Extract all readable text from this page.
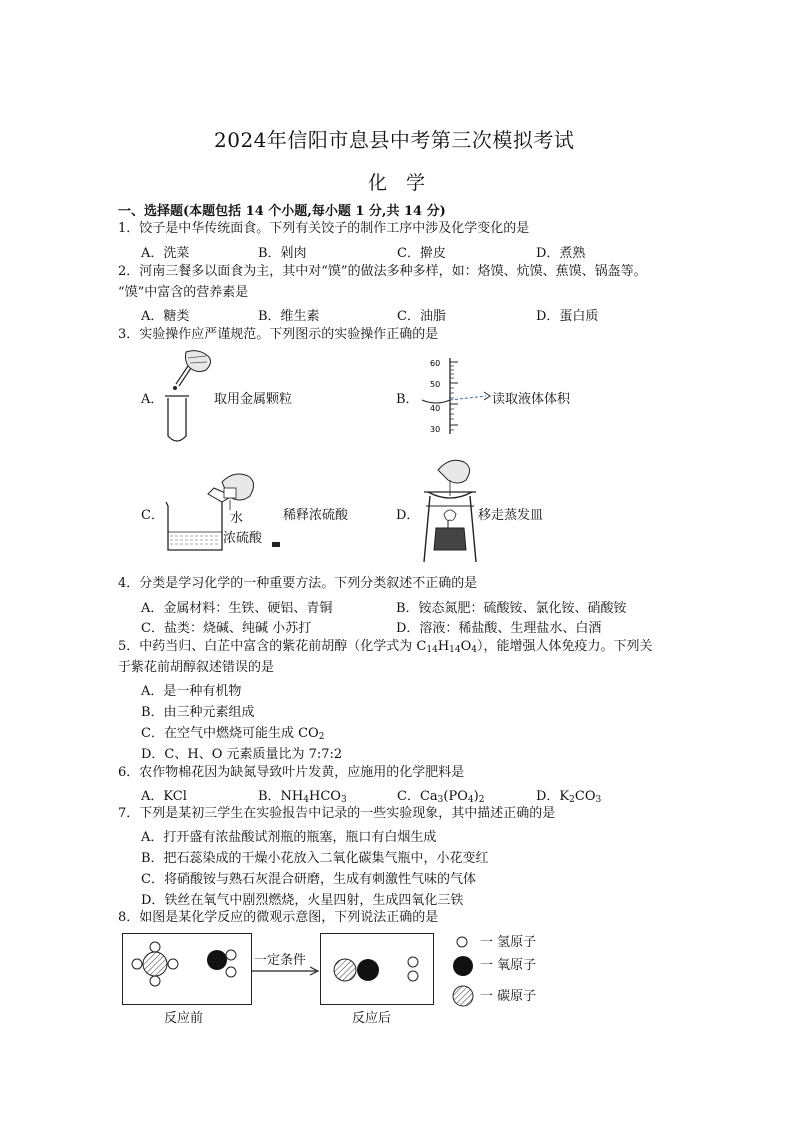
2024年信阳市息县中考第三次模拟考试
化　学
一、选择题(本题包括 14 个小题,每小题 1 分,共 14 分)
1．饺子是中华传统面食。下列有关饺子的制作工序中涉及化学变化的是
A．洗菜	B．剁肉	C．擀皮	D．煮熟
2．河南三餐多以面食为主，其中对“馍”的做法多种多样，如：烙馍、炕馍、蕉馍、锅盔等。
“馍”中富含的营养素是
A．糖类	B．维生素	C．油脂	D．蛋白质
3．实验操作应严谨规范。下列图示的实验操作正确的是
A．	取用金属颗粒	B．
60
50
40
30
读取液体体积
C．	水
浓硫酸
稀释浓硫酸	D．	移走蒸发皿
4．分类是学习化学的一种重要方法。下列分类叙述不正确的是
A．金属材料：生铁、硬铝、青铜	B．铵态氮肥：硫酸铵、氯化铵、硝酸铵
C．盐类：烧碱、纯碱 小苏打	D．溶液：稀盐酸、生理盐水、白酒
5．中药当归、白芷中富含的紫花前胡醇（化学式为 $C_{14}H_{14}O_4$），能增强人体免疫力。下列关
于紫花前胡醇叙述错误的是
A．是一种有机物
B．由三种元素组成
C．在空气中燃烧可能生成 $CO_2$
D．C、H、O 元素质量比为 7:7:2
6．农作物棉花因为缺氮导致叶片发黄，应施用的化学肥料是
A．KCl	B．$NH_4HCO_3$	C．$Ca_3(PO_4)_2$	D．$K_2CO_3$
7．下列是某初三学生在实验报告中记录的一些实验现象，其中描述正确的是
A．打开盛有浓盐酸试剂瓶的瓶塞，瓶口有白烟生成
B．把石蕊染成的干燥小花放入二氧化碳集气瓶中，小花变红
C．将硝酸铵与熟石灰混合研磨，生成有刺激性气味的气体
D．铁丝在氧气中剧烈燃烧，火星四射，生成四氧化三铁
8．如图是某化学反应的微观示意图，下列说法正确的是
一定条件
反应前	反应后
一 氢原子
一 氧原子
一 碳原子
